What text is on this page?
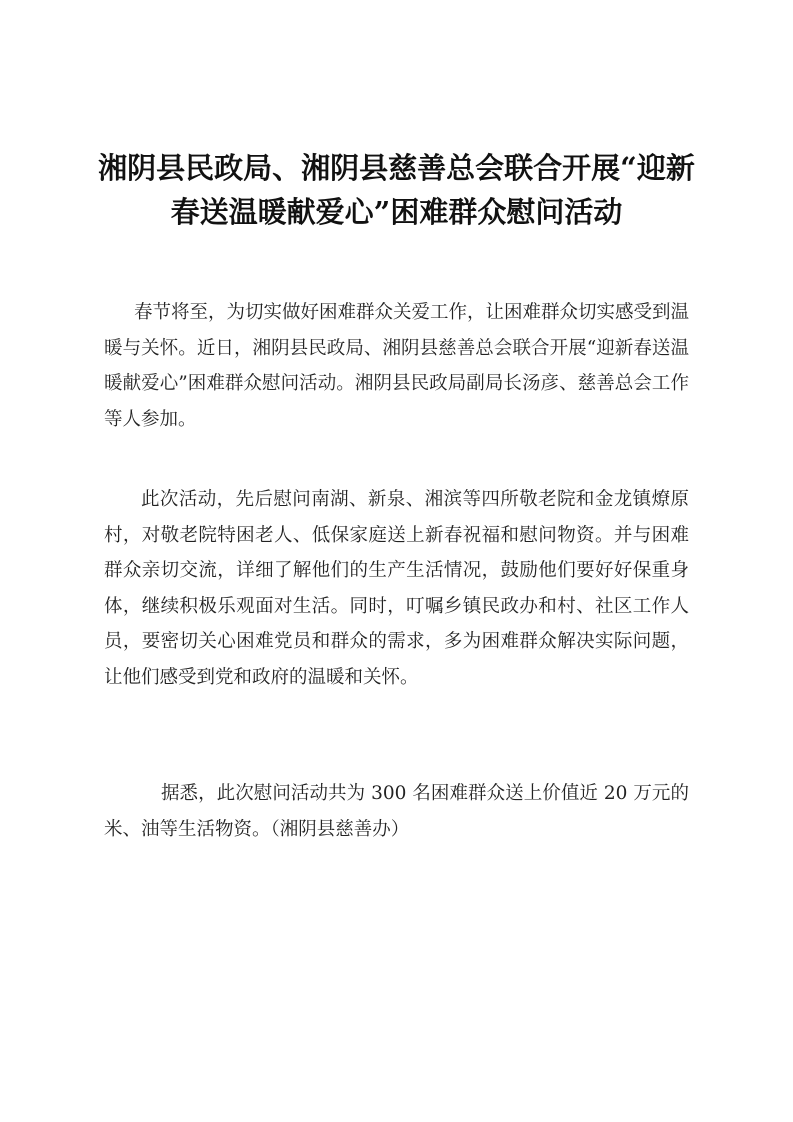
湘阴县民政局、湘阴县慈善总会联合开展“迎新春送温暖献爱心”困难群众慰问活动

春节将至，为切实做好困难群众关爱工作，让困难群众切实感受到温暖与关怀。近日，湘阴县民政局、湘阴县慈善总会联合开展“迎新春送温暖献爱心”困难群众慰问活动。湘阴县民政局副局长汤彦、慈善总会工作等人参加。

此次活动，先后慰问南湖、新泉、湘滨等四所敬老院和金龙镇燎原村，对敬老院特困老人、低保家庭送上新春祝福和慰问物资。并与困难群众亲切交流，详细了解他们的生产生活情况，鼓励他们要好好保重身体，继续积极乐观面对生活。同时，叮嘱乡镇民政办和村、社区工作人员，要密切关心困难党员和群众的需求，多为困难群众解决实际问题，让他们感受到党和政府的温暖和关怀。

据悉，此次慰问活动共为 300 名困难群众送上价值近 20 万元的米、油等生活物资。（湘阴县慈善办）
